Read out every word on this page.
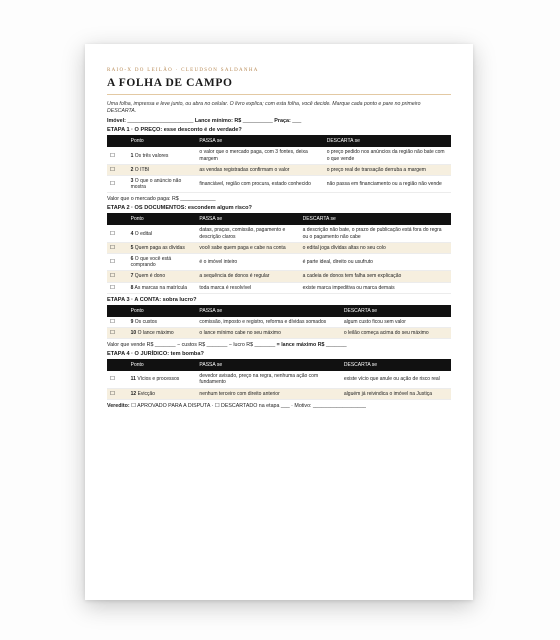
RAIO-X DO LEILÃO · CLEUDSON SALDANHA
A FOLHA DE CAMPO
Uma folha, impressa e leve junto, ou abra no celular. O livro explica; com esta folha, você decide. Marque cada ponto e pare no primeiro DESCARTA.
Imóvel: ______________________ Lance mínimo: R$ __________ Praça: ___
ETAPA 1 · O PREÇO: esse desconto é de verdade?
	Ponto	PASSA se	DESCARTA se
☐	1 Os três valores	o valor que o mercado paga, com 3 fontes, deixa margem	o preço pedido nos anúncios da região não bate com o que vende
☐	2 O ITBI	as vendas registradas confirmam o valor	o preço real de transação derruba a margem
☐	3 O que o anúncio não mostra	financiável, região com procura, estado conhecido	não passa em financiamento ou a região não vende
Valor que o mercado paga: R$ ____________
ETAPA 2 · OS DOCUMENTOS: escondem algum risco?
	Ponto	PASSA se	DESCARTA se
☐	4 O edital	datas, praças, comissão, pagamento e descrição claros	a descrição não bate, o prazo de publicação está fora do regra ou o pagamento não cabe
☐	5 Quem paga as dívidas	você sabe quem paga e cabe na conta	o edital joga dívidas altas no seu colo
☐	6 O que você está comprando	é o imóvel inteiro	é parte ideal, direito ou usufruto
☐	7 Quem é dono	a sequência de donos é regular	a cadeia de donos tem falha sem explicação
☐	8 As marcas na matrícula	toda marca é resolvível	existe marca impeditiva ou marca demais
ETAPA 3 · A CONTA: sobra lucro?
	Ponto	PASSA se	DESCARTA se
☐	9 Os custos	comissão, imposto e registro, reforma e dívidas somados	algum custo ficou sem valor
☐	10 O lance máximo	o lance mínimo cabe no seu máximo	o leilão começa acima do seu máximo
Valor que vende R$ _______ − custos R$ _______ − lucro R$ _______ = lance máximo R$ _______
ETAPA 4 · O JURÍDICO: tem bomba?
	Ponto	PASSA se	DESCARTA se
☐	11 Vícios e processos	devedor avisado, preço na regra, nenhuma ação com fundamento	existe vício que anule ou ação de risco real
☐	12 Evicção	nenhum terceiro com direito anterior	alguém já reivindica o imóvel na Justiça
Veredito: ☐ APROVADO PARA A DISPUTA · ☐ DESCARTADO na etapa ___ · Motivo: __________________
